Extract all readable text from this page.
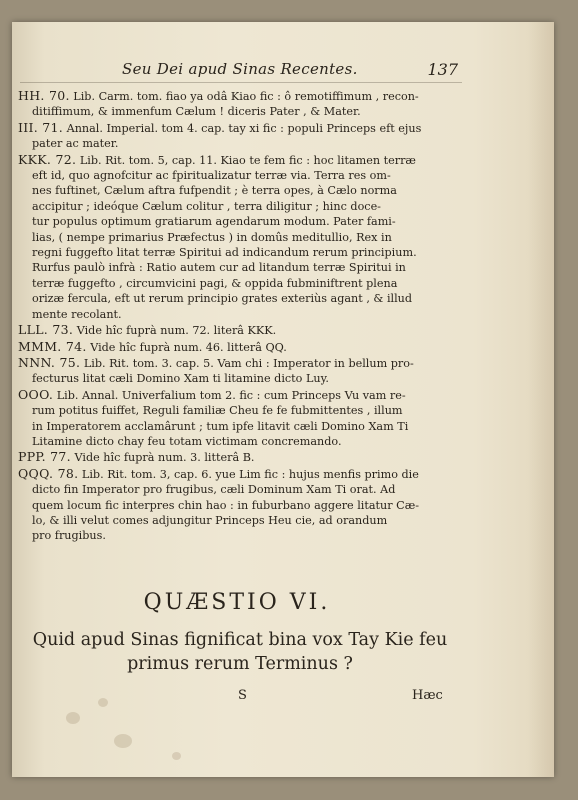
Seu Dei apud Sinas Recentes.	137

HH. 70. Lib. Carm. tom. fiao ya odâ Kiao fic : ô remotiffimum , recon-

ditiffimum, & immenfum Cælum ! diceris Pater , & Mater.

III. 71. Annal. Imperial. tom 4. cap. tay xi fic : populi Princeps eft ejus

pater ac mater.

KKK. 72. Lib. Rit. tom. 5, cap. 11. Kiao te fem fic : hoc litamen terræ

eft id, quo agnofcitur ac fpiritualizatur terræ via. Terra res om-

nes fuftinet, Cælum aftra fufpendit ; è terra opes, à Cælo norma

accipitur ; ideóque Cælum colitur , terra diligitur ; hinc doce-

tur populus optimum gratiarum agendarum modum. Pater fami-

lias, ( nempe primarius Præfectus ) in domûs meditullio, Rex in

regni fuggefto litat terræ Spiritui ad indicandum rerum principium.

Rurfus paulò infrà : Ratio autem cur ad litandum terræ Spiritui in

terræ fuggefto , circumvicini pagi, & oppida fubminiftrent plena

orizæ fercula, eft ut rerum principio grates exteriùs agant , & illud

mente recolant.

LLL. 73. Vide hîc fuprà num. 72. literâ KKK.

MMM. 74. Vide hîc fuprà num. 46. litterâ QQ.

NNN. 75. Lib. Rit. tom. 3. cap. 5. Vam chi : Imperator in bellum pro-

fecturus litat cæli Domino Xam ti litamine dicto Luy.

OOO. Lib. Annal. Univerfalium tom 2. fic : cum Princeps Vu vam re-

rum potitus fuiffet, Reguli familiæ Cheu fe fe fubmittentes , illum

in Imperatorem acclamârunt ; tum ipfe litavit cæli Domino Xam Ti

Litamine dicto chay feu totam victimam concremando.

PPP. 77. Vide hîc fuprà num. 3. litterâ B.

QQQ. 78. Lib. Rit. tom. 3, cap. 6. yue Lim fic : hujus menfis primo die

dicto fin Imperator pro frugibus, cæli Dominum Xam Ti orat. Ad

quem locum fic interpres chin hao : in fuburbano aggere litatur Cæ-

lo, & illi velut comes adjungitur Princeps Heu cie, ad orandum

pro frugibus.

QUÆSTIO VI.
Quid apud Sinas fignificat bina vox Tay Kie feu
primus rerum Terminus ?
S	Hæc
